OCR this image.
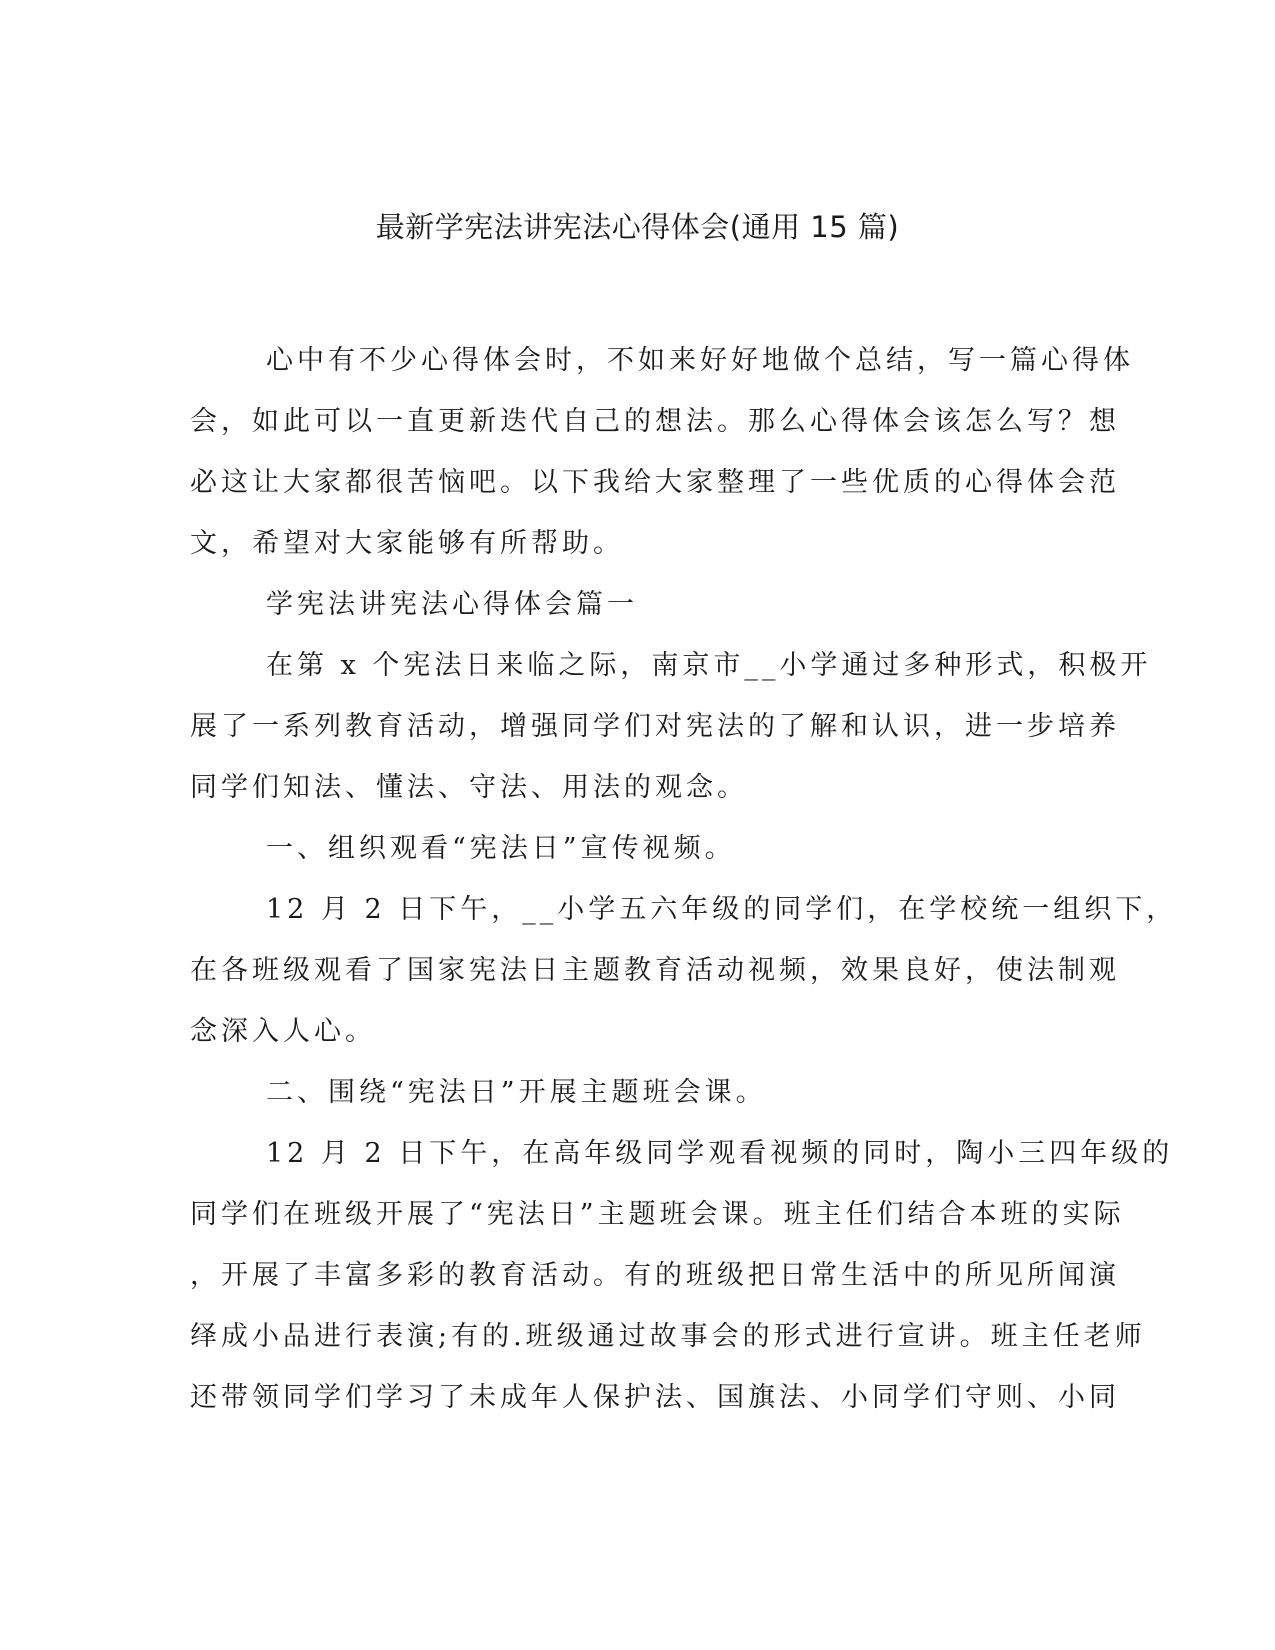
最新学宪法讲宪法心得体会(通用 15 篇)
心中有不少心得体会时，不如来好好地做个总结，写一篇心得体
会，如此可以一直更新迭代自己的想法。那么心得体会该怎么写？想
必这让大家都很苦恼吧。以下我给大家整理了一些优质的心得体会范
文，希望对大家能够有所帮助。
学宪法讲宪法心得体会篇一
在第 x 个宪法日来临之际，南京市__小学通过多种形式，积极开
展了一系列教育活动，增强同学们对宪法的了解和认识，进一步培养
同学们知法、懂法、守法、用法的观念。
一、组织观看“宪法日”宣传视频。
12 月 2 日下午，__小学五六年级的同学们，在学校统一组织下，
在各班级观看了国家宪法日主题教育活动视频，效果良好，使法制观
念深入人心。
二、围绕“宪法日”开展主题班会课。
12 月 2 日下午，在高年级同学观看视频的同时，陶小三四年级的
同学们在班级开展了“宪法日”主题班会课。班主任们结合本班的实际
，开展了丰富多彩的教育活动。有的班级把日常生活中的所见所闻演
绎成小品进行表演;有的.班级通过故事会的形式进行宣讲。班主任老师
还带领同学们学习了未成年人保护法、国旗法、小同学们守则、小同
